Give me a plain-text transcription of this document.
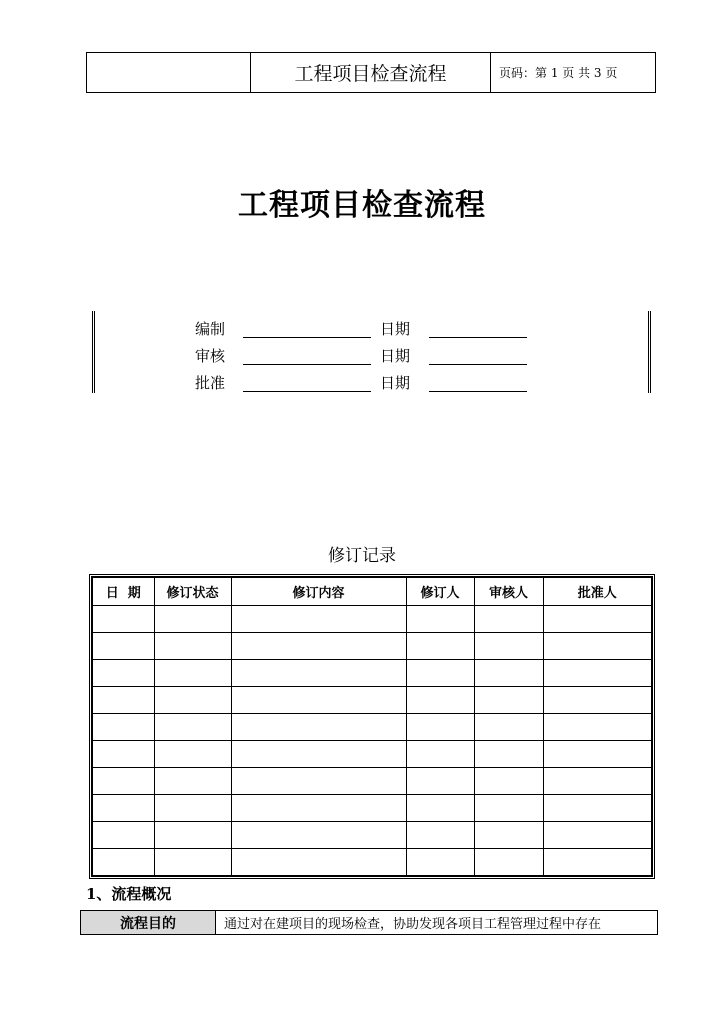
工程项目检查流程	页码：第 1 页 共 3 页
工程项目检查流程
编制	日期
审核	日期
批准	日期
修订记录
日  期	修订状态	修订内容	修订人	审核人	批准人

1、流程概况
流程目的	通过对在建项目的现场检查，协助发现各项目工程管理过程中存在
